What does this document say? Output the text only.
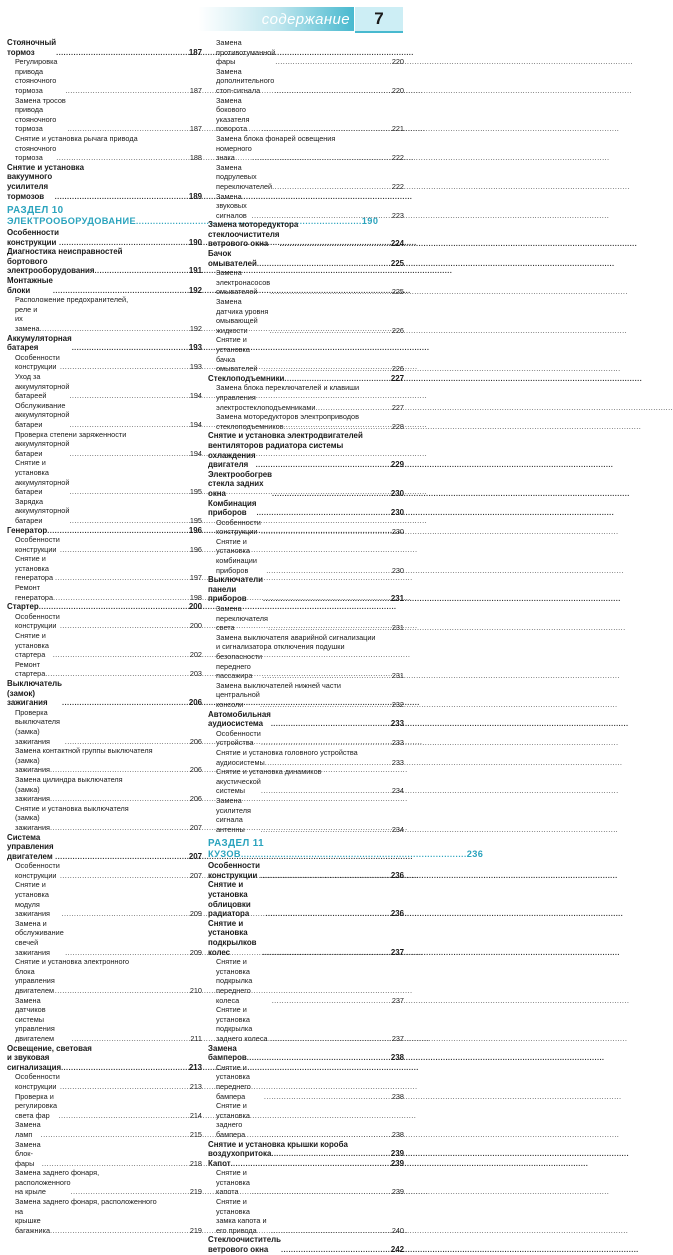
содержание	7
Стояночный тормоз .....	187
Регулировка привода стояночного тормоза .....	187
Замена тросов привода стояночного тормоза .....	187
Снятие и установка рычага привода
стояночного тормоза .....	188
Снятие и установка
вакуумного усилителя тормозов .....	189
РАЗДЕЛ 10
ЭЛЕКТРООБОРУДОВАНИЕ .....	190
Особенности конструкции .....	190
Диагностика неисправностей
бортового электрооборудования .....	191
Монтажные блоки .....	192
Расположение предохранителей,
реле и их замена .....	192
Аккумуляторная батарея .....	193
Особенности конструкции .....	193
Уход за аккумуляторной батареей .....	194
Обслуживание аккумуляторной батареи .....	194
Проверка степени заряженности
аккумуляторной батареи .....	194
Снятие и установка аккумуляторной батареи .....	195
Зарядка аккумуляторной батареи .....	195
Генератор .....	196
Особенности конструкции .....	196
Снятие и установка генератора .....	197
Ремонт генератора .....	198
Стартер .....	200
Особенности конструкции .....	200
Снятие и установка стартера .....	202
Ремонт стартера .....	203
Выключатель (замок) зажигания .....	206
Проверка выключателя (замка) зажигания .....	206
Замена контактной группы выключателя
(замка) зажигания .....	206
Замена цилиндра выключателя
(замка) зажигания .....	206
Снятие и установка выключателя
(замка) зажигания .....	207
Система управления двигателем .....	207
Особенности конструкции .....	207
Снятие и установка модуля зажигания .....	209
Замена и обслуживание свечей зажигания .....	209
Снятие и установка электронного
блока управления двигателем .....	210
Замена датчиков системы управления двигателем .....	211
Освещение, световая
и звуковая сигнализация .....	213
Особенности конструкции .....	213
Проверка и регулировка света фар .....	214
Замена ламп .....	215
Замена блок-фары .....	218
Замена заднего фонаря,
расположенного на крыле .....	219
Замена заднего фонаря, расположенного
на крышке багажника .....	219
Замена противотуманной фары .....	220
Замена дополнительного стоп-сигнала .....	220
Замена бокового указателя поворота .....	221
Замена блока фонарей освещения
номерного знака .....	222
Замена подрулевых переключателей .....	222
Замена звуковых сигналов .....	223
Замена моторедуктора
стеклоочистителя ветрового окна .....	224
Бачок омывателей .....	225
Замена электронасосов омывателей .....	225
Замена датчика уровня омывающей жидкости .....	226
Снятие и установка бачка омывателей .....	226
Стеклоподъемники .....	227
Замена блока переключателей и клавиши
управления электростеклоподъемниками .....	227
Замена моторедукторов электроприводов
стеклоподъемников .....	228
Снятие и установка электродвигателей
вентиляторов радиатора системы
охлаждения двигателя .....	229
Электрообогрев стекла задних окна .....	230
Комбинация приборов .....	230
Особенности конструкции .....	230
Снятие и установка комбинации приборов .....	230
Выключатели панели приборов .....	231
Замена переключателя света .....	231
Замена выключателя аварийной сигнализации
и сигнализатора отключения подушки
безопасности переднего пассажира .....	231
Замена выключателей нижней части
центральной консоли .....	232
Автомобильная аудиосистема .....	233
Особенности устройства .....	233
Снятие и установка головного устройства
аудиосистемы .....	233
Снятие и установка динамиков
акустической системы .....	234
Замена усилителя сигнала антенны .....	234
РАЗДЕЛ 11
КУЗОВ .....	236
Особенности конструкции .....	236
Снятие и установка облицовки радиатора .....	236
Снятие и установка подкрылков колес .....	237
Снятие и установка подкрылка переднего колеса .....	237
Снятие и установка подкрылка заднего колеса .....	237
Замена бамперов .....	238
Снятие и установка переднего бампера .....	238
Снятие и установка заднего бампера .....	238
Снятие и установка крышки короба
воздухопритока .....	239
Капот .....	239
Снятие и установка капота .....	239
Снятие и установка замка капота и его привода .....	240
Стеклоочиститель ветрового окна .....	242
